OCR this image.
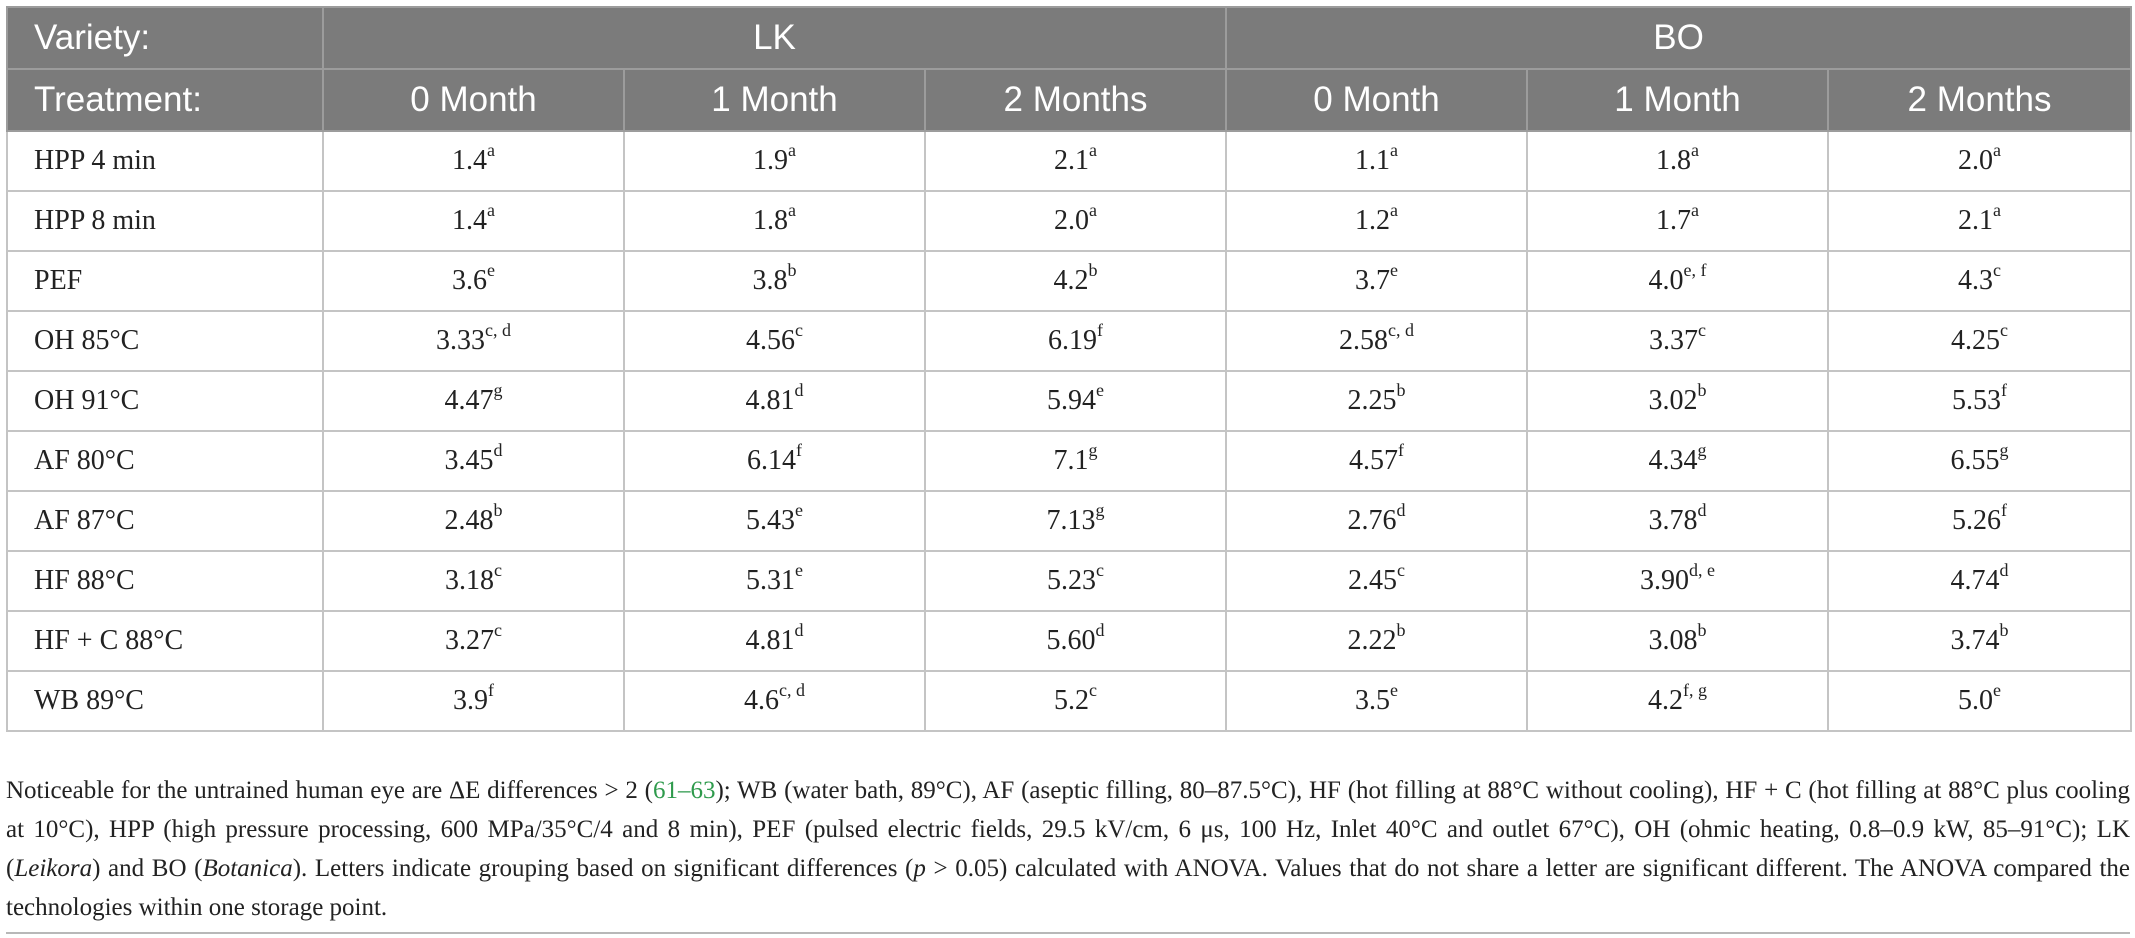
Variety:	LK			BO		
Treatment:	0 Month	1 Month	2 Months	0 Month	1 Month	2 Months
HPP 4 min	1.4$^a$	1.9$^a$	2.1$^a$	1.1$^a$	1.8$^a$	2.0$^a$
HPP 8 min	1.4$^a$	1.8$^a$	2.0$^a$	1.2$^a$	1.7$^a$	2.1$^a$
PEF	3.6e	3.8$^b$	4.2$^b$	3.7e	4.0$^{e, f}$	4.3$^c$
OH 85°C	3.33$^{c, d}$	4.56$^c$	6.19$^f$	2.58$^{c, d}$	3.37$^c$	4.25$^c$
OH 91°C	4.47$^g$	4.81$^d$	5.94e	2.25$^b$	3.02$^b$	5.53$^f$
AF 80°C	3.45$^d$	6.14$^f$	7.1$^g$	4.57$^f$	4.34$^g$	6.55$^g$
AF 87°C	2.48$^b$	5.43e	7.13$^g$	2.76$^d$	3.78$^d$	5.26$^f$
HF 88°C	3.18$^c$	5.31e	5.23$^c$	2.45$^c$	3.90$^{d, e}$	4.74$^d$
HF + C 88°C	3.27$^c$	4.81$^d$	5.60$^d$	2.22$^b$	3.08$^b$	3.74$^b$
WB 89°C	3.9$^f$	4.6$^{c, d}$	5.2$^c$	3.5e	4.2$^{f, g}$	5.0e
Noticeable for the untrained human eye are ΔE differences > 2 (61–63); WB (water bath, 89°C), AF (aseptic filling, 80–87.5°C), HF (hot filling at 88°C without cooling), HF + C (hot filling at 88°C plus cooling at 10°C), HPP (high pressure processing, 600 MPa/35°C/4 and 8 min), PEF (pulsed electric fields, 29.5 kV/cm, 6 μs, 100 Hz, Inlet 40°C and outlet 67°C), OH (ohmic heating, 0.8–0.9 kW, 85–91°C); LK (Leikora) and BO (Botanica). Letters indicate grouping based on significant differences (p > 0.05) calculated with ANOVA. Values that do not share a letter are significant different. The ANOVA compared the technologies within one storage point.
